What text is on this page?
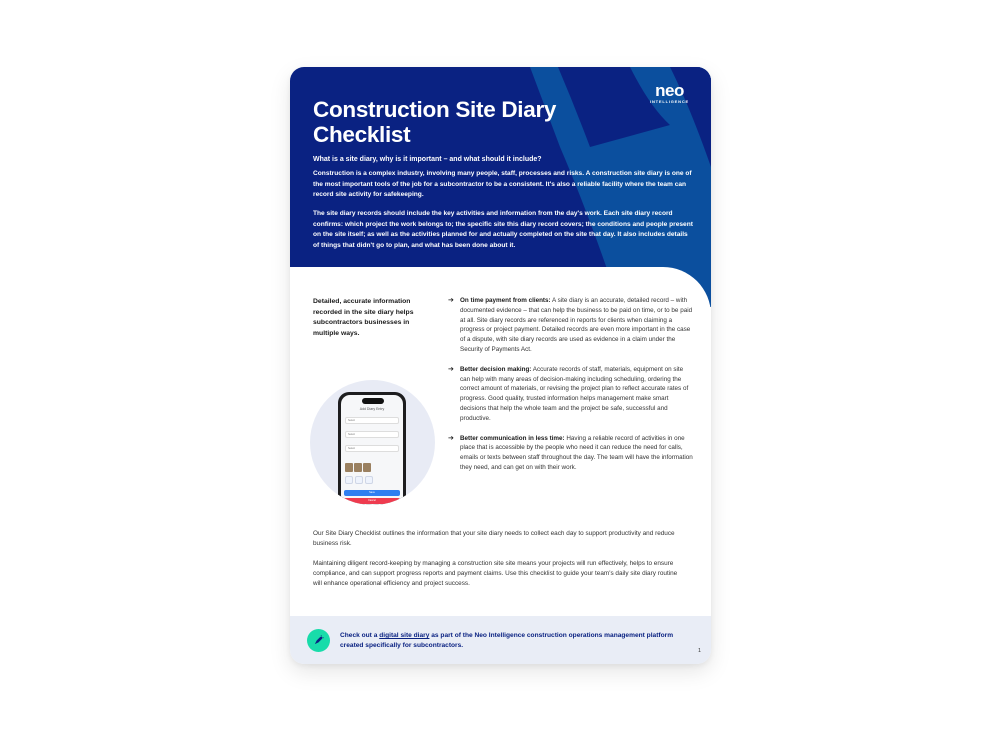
neo
INTELLIGENCE
Construction Site Diary Checklist
What is a site diary, why is it important – and what should it include?

Construction is a complex industry, involving many people, staff, processes and risks. A construction site diary is one of the most important tools of the job for a subcontractor to be a consistent. It's also a reliable facility where the team can record site activity for safekeeping.

The site diary records should include the key activities and information from the day's work. Each site diary record confirms: which project the work belongs to; the specific site this diary record covers; the conditions and people present on the site itself; as well as the activities planned for and actually completed on the site that day. It also includes details of things that didn't go to plan, and what has been done about it.

Detailed, accurate information recorded in the site diary helps subcontractors businesses in multiple ways.

➔ On time payment from clients: A site diary is an accurate, detailed record – with documented evidence – that can help the business to be paid on time, or to be paid at all. Site diary records are referenced in reports for clients when claiming a progress or project payment. Detailed records are even more important in the case of a dispute, with site diary records are used as evidence in a claim under the Security of Payments Act.
➔ Better decision making: Accurate records of staff, materials, equipment on site can help with many areas of decision-making including scheduling, ordering the correct amount of materials, or revising the project plan to reflect accurate rates of progress. Good quality, trusted information helps management make smart decisions that help the whole team and the project be safe, successful and productive.
➔ Better communication in less time: Having a reliable record of activities in one place that is accessible by the people who need it can reduce the need for calls, emails or texts between staff throughout the day. The team will have the information they need, and can get on with their work.
Add Diary Entry
Select
Select
Select
Save
Cancel

Our Site Diary Checklist outlines the information that your site diary needs to collect each day to support productivity and reduce business risk.

Maintaining diligent record-keeping by managing a construction site site means your projects will run effectively, helps to ensure compliance, and can support progress reports and payment claims. Use this checklist to guide your team's daily site diary routine will enhance operational efficiency and project success.

Check out a digital site diary as part of the Neo Intelligence construction operations management platform created specifically for subcontractors.

1
